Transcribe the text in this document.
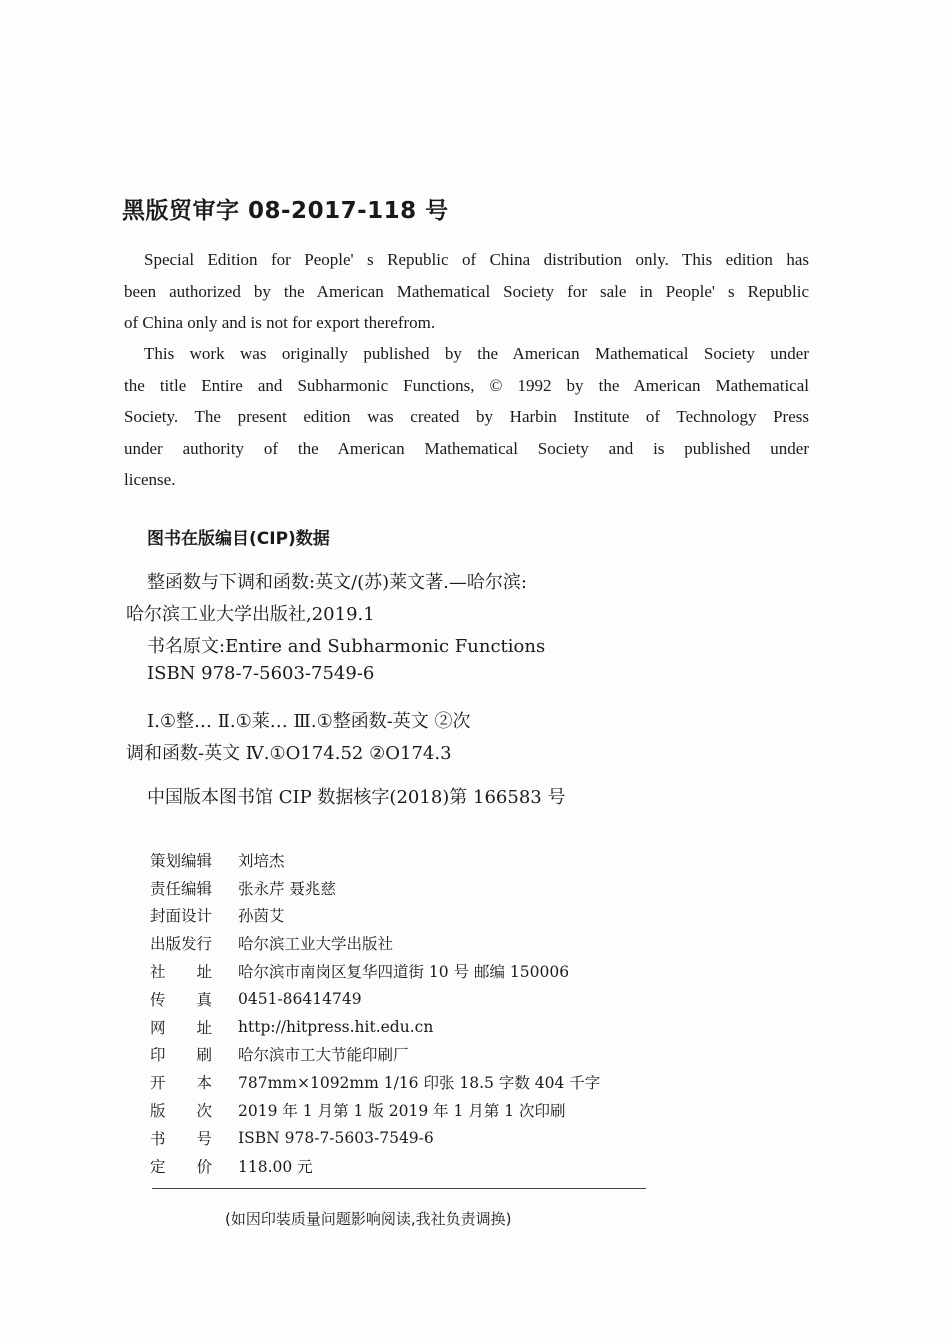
黑版贸审字 08-2017-118 号

Special Edition for People' s Republic of China distribution only. This edition has
been authorized by the American Mathematical Society for sale in People' s Republic
of China only and is not for export therefrom.

This work was originally published by the American Mathematical Society under
the title Entire and Subharmonic Functions, © 1992 by the American Mathematical
Society. The present edition was created by Harbin Institute of Technology Press
under authority of the American Mathematical Society and is published under
license.

图书在版编目(CIP)数据
整函数与下调和函数:英文/(苏)莱文著.—哈尔滨:
哈尔滨工业大学出版社,2019.1
书名原文:Entire and Subharmonic Functions
ISBN 978-7-5603-7549-6
Ⅰ.①整… Ⅱ.①莱… Ⅲ.①整函数-英文 ②次
调和函数-英文 Ⅳ.①O174.52 ②O174.3
中国版本图书馆 CIP 数据核字(2018)第 166583 号
策划编辑	刘培杰
责任编辑	张永芹 聂兆慈
封面设计	孙茵艾
出版发行	哈尔滨工业大学出版社
社　　址	哈尔滨市南岗区复华四道街 10 号 邮编 150006
传　　真	0451-86414749
网　　址	http://hitpress.hit.edu.cn
印　　刷	哈尔滨市工大节能印刷厂
开　　本	787mm×1092mm 1/16 印张 18.5 字数 404 千字
版　　次	2019 年 1 月第 1 版 2019 年 1 月第 1 次印刷
书　　号	ISBN 978-7-5603-7549-6
定　　价	118.00 元
(如因印装质量问题影响阅读,我社负责调换)
